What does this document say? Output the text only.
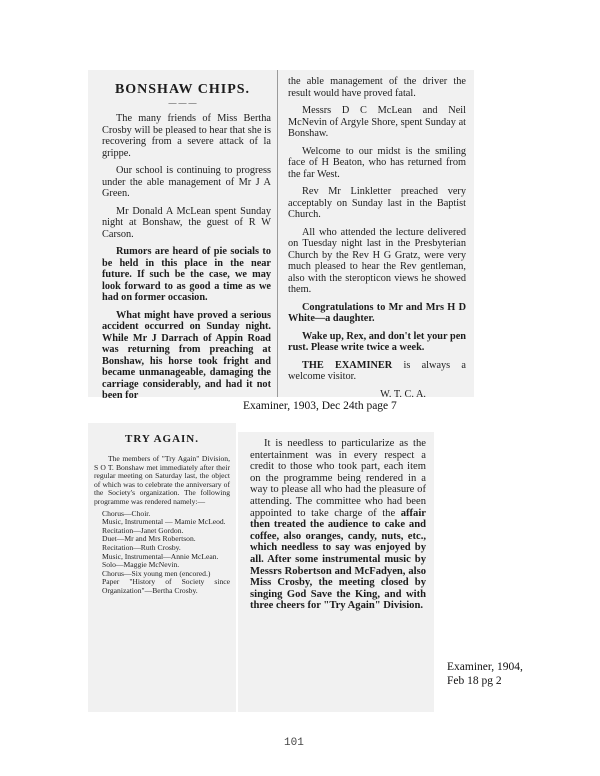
BONSHAW CHIPS.
— — —

The many friends of Miss Bertha Crosby will be pleased to hear that she is recovering from a severe attack of la grippe.

Our school is continuing to progress under the able management of Mr J A Green.

Mr Donald A McLean spent Sunday night at Bonshaw, the guest of R W Carson.

Rumors are heard of pie socials to be held in this place in the near future. If such be the case, we may look forward to as good a time as we had on former occasion.

What might have proved a serious accident occurred on Sunday night. While Mr J Darrach of Appin Road was returning from preaching at Bonshaw, his horse took fright and became unmanageable, damaging the carriage considerably, and had it not been for

the able management of the driver the result would have proved fatal.

Messrs D C McLean and Neil McNevin of Argyle Shore, spent Sunday at Bonshaw.

Welcome to our midst is the smiling face of H Beaton, who has returned from the far West.

Rev Mr Linkletter preached very acceptably on Sunday last in the Baptist Church.

All who attended the lecture delivered on Tuesday night last in the Presbyterian Church by the Rev H G Gratz, were very much pleased to hear the Rev gentleman, also with the steropticon views he showed them.

Congratulations to Mr and Mrs H D White—a daughter.

Wake up, Rex, and don't let your pen rust. Please write twice a week.

THE EXAMINER is always a welcome visitor.

W. T. C. A.
Examiner, 1903, Dec 24th page 7
TRY AGAIN.

The members of "Try Again" Division, S O T. Bonshaw met immediately after their regular meeting on Saturday last, the object of which was to celebrate the anniversary of the Society's organization. The following programme was rendered namely:—

Chorus—Choir.

Music, Instrumental — Mamie McLeod.

Recitation—Janet Gordon.

Duet—Mr and Mrs Robertson.

Recitation—Ruth Crosby.

Music, Instrumental—Annie McLean.

Solo—Maggie McNevin.

Chorus—Six young men (encored.)

Paper "History of Society since Organization"—Bertha Crosby.

It is needless to particularize as the entertainment was in every respect a credit to those who took part, each item on the programme being rendered in a way to please all who had the pleasure of attending. The committee who had been appointed to take charge of the affair then treated the audience to cake and coffee, also oranges, candy, nuts, etc., which needless to say was enjoyed by all. After some instrumental music by Messrs Robertson and McFadyen, also Miss Crosby, the meeting closed by singing God Save the King, and with three cheers for "Try Again" Division.

Examiner, 1904,
Feb 18 pg 2
101
